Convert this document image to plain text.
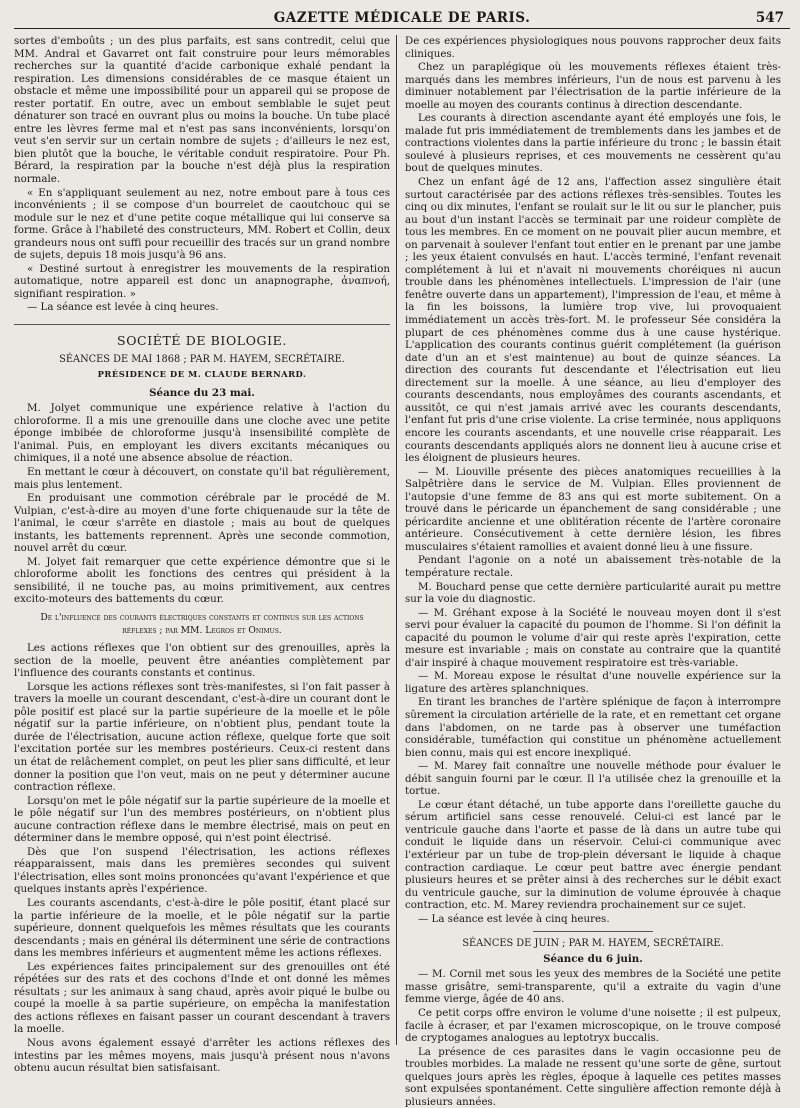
GAZETTE MÉDICALE DE PARIS.	547

sortes d'emboûts ; un des plus parfaits, est sans contredit, celui que MM. Andral et Gavarret ont fait construire pour leurs mémorables recherches sur la quantité d'acide carbonique exhalé pendant la respiration. Les dimensions considérables de ce masque étaient un obstacle et même une impossibilité pour un appareil qui se propose de rester portatif. En outre, avec un embout semblable le sujet peut dénaturer son tracé en ouvrant plus ou moins la bouche. Un tube placé entre les lèvres ferme mal et n'est pas sans inconvénients, lorsqu'on veut s'en servir sur un certain nombre de sujets ; d'ailleurs le nez est, bien plutôt que la bouche, le véritable conduit respiratoire. Pour Ph. Bérard, la respiration par la bouche n'est déjà plus la respiration normale.

« En s'appliquant seulement au nez, notre embout pare à tous ces inconvénients ; il se compose d'un bourrelet de caoutchouc qui se module sur le nez et d'une petite coque métallique qui lui conserve sa forme. Grâce à l'habileté des constructeurs, MM. Robert et Collin, deux grandeurs nous ont suffi pour recueillir des tracés sur un grand nombre de sujets, depuis 18 mois jusqu'à 96 ans.

« Destiné surtout à enregistrer les mouvements de la respiration automatique, notre appareil est donc un anapnographe, ἀναπνοή, signifiant respiration. »

— La séance est levée à cinq heures.

SOCIÉTÉ DE BIOLOGIE.

SÉANCES DE MAI 1868 ; PAR M. HAYEM, SECRÉTAIRE.

PRÉSIDENCE DE M. CLAUDE BERNARD.

Séance du 23 mai.

M. Jolyet communique une expérience relative à l'action du chloroforme. Il a mis une grenouille dans une cloche avec une petite éponge imbibée de chloroforme jusqu'à insensibilité complète de l'animal. Puis, en employant les divers excitants mécaniques ou chimiques, il a noté une absence absolue de réaction.

En mettant le cœur à découvert, on constate qu'il bat régulièrement, mais plus lentement.

En produisant une commotion cérébrale par le procédé de M. Vulpian, c'est-à-dire au moyen d'une forte chiquenaude sur la tête de l'animal, le cœur s'arrête en diastole ; mais au bout de quelques instants, les battements reprennent. Après une seconde commotion, nouvel arrêt du cœur.

M. Jolyet fait remarquer que cette expérience démontre que si le chloroforme abolit les fonctions des centres qui président à la sensibilité, il ne touche pas, au moins primitivement, aux centres excito-moteurs des battements du cœur.

De l'influence des courants électriques constants et continus sur les actions réflexes ; par MM. Legros et Onimus.

Les actions réflexes que l'on obtient sur des grenouilles, après la section de la moelle, peuvent être anéanties complètement par l'influence des courants constants et continus.

Lorsque les actions réflexes sont très-manifestes, si l'on fait passer à travers la moelle un courant descendant, c'est-à-dire un courant dont le pôle positif est placé sur la partie supérieure de la moelle et le pôle négatif sur la partie inférieure, on n'obtient plus, pendant toute la durée de l'électrisation, aucune action réflexe, quelque forte que soit l'excitation portée sur les membres postérieurs. Ceux-ci restent dans un état de relâchement complet, on peut les plier sans difficulté, et leur donner la position que l'on veut, mais on ne peut y déterminer aucune contraction réflexe.

Lorsqu'on met le pôle négatif sur la partie supérieure de la moelle et le pôle négatif sur l'un des membres postérieurs, on n'obtient plus aucune contraction réflexe dans le membre électrisé, mais on peut en déterminer dans le membre opposé, qui n'est point électrisé.

Dès que l'on suspend l'électrisation, les actions réflexes réapparaissent, mais dans les premières secondes qui suivent l'électrisation, elles sont moins prononcées qu'avant l'expérience et que quelques instants après l'expérience.

Les courants ascendants, c'est-à-dire le pôle positif, étant placé sur la partie inférieure de la moelle, et le pôle négatif sur la partie supérieure, donnent quelquefois les mêmes résultats que les courants descendants ; mais en général ils déterminent une série de contractions dans les membres inférieurs et augmentent même les actions réflexes.

Les expériences faites principalement sur des grenouilles ont été répétées sur des rats et des cochons d'Inde et ont donné les mêmes résultats ; sur les animaux à sang chaud, après avoir piqué le bulbe ou coupé la moelle à sa partie supérieure, on empêcha la manifestation des actions réflexes en faisant passer un courant descendant à travers la moelle.

Nous avons également essayé d'arrêter les actions réflexes des intestins par les mêmes moyens, mais jusqu'à présent nous n'avons obtenu aucun résultat bien satisfaisant.

De ces expériences physiologiques nous pouvons rapprocher deux faits cliniques.

Chez un paraplégique où les mouvements réflexes étaient très-marqués dans les membres inférieurs, l'un de nous est parvenu à les diminuer notablement par l'électrisation de la partie inférieure de la moelle au moyen des courants continus à direction descendante.

Les courants à direction ascendante ayant été employés une fois, le malade fut pris immédiatement de tremblements dans les jambes et de contractions violentes dans la partie inférieure du tronc ; le bassin était soulevé à plusieurs reprises, et ces mouvements ne cessèrent qu'au bout de quelques minutes.

Chez un enfant âgé de 12 ans, l'affection assez singulière était surtout caractérisée par des actions réflexes très-sensibles. Toutes les cinq ou dix minutes, l'enfant se roulait sur le lit ou sur le plancher, puis au bout d'un instant l'accès se terminait par une roideur complète de tous les membres. En ce moment on ne pouvait plier aucun membre, et on parvenait à soulever l'enfant tout entier en le prenant par une jambe ; les yeux étaient convulsés en haut. L'accès terminé, l'enfant revenait complétement à lui et n'avait ni mouvements choréiques ni aucun trouble dans les phénomènes intellectuels. L'impression de l'air (une fenêtre ouverte dans un appartement), l'impression de l'eau, et même à la fin les boissons, la lumière trop vive, lui provoquaient immédiatement un accès très-fort. M. le professeur Sée considéra la plupart de ces phénomènes comme dus à une cause hystérique. L'application des courants continus guérit complétement (la guérison date d'un an et s'est maintenue) au bout de quinze séances. La direction des courants fut descendante et l'électrisation eut lieu directement sur la moelle. À une séance, au lieu d'employer des courants descendants, nous employâmes des courants ascendants, et aussitôt, ce qui n'est jamais arrivé avec les courants descendants, l'enfant fut pris d'une crise violente. La crise terminée, nous appliquons encore les courants ascendants, et une nouvelle crise réapparait. Les courants descendants appliqués alors ne donnent lieu à aucune crise et les éloignent de plusieurs heures.

— M. Liouville présente des pièces anatomiques recueillies à la Salpêtrière dans le service de M. Vulpian. Elles proviennent de l'autopsie d'une femme de 83 ans qui est morte subitement. On a trouvé dans le péricarde un épanchement de sang considérable ; une péricardite ancienne et une oblitération récente de l'artère coronaire antérieure. Consécutivement à cette dernière lésion, les fibres musculaires s'étaient ramollies et avaient donné lieu à une fissure.

Pendant l'agonie on a noté un abaissement très-notable de la température rectale.

M. Bouchard pense que cette dernière particularité aurait pu mettre sur la voie du diagnostic.

— M. Gréhant expose à la Société le nouveau moyen dont il s'est servi pour évaluer la capacité du poumon de l'homme. Si l'on définit la capacité du poumon le volume d'air qui reste après l'expiration, cette mesure est invariable ; mais on constate au contraire que la quantité d'air inspiré à chaque mouvement respiratoire est très-variable.

— M. Moreau expose le résultat d'une nouvelle expérience sur la ligature des artères splanchniques.

En tirant les branches de l'artère splénique de façon à interrompre sûrement la circulation artérielle de la rate, et en remettant cet organe dans l'abdomen, on ne tarde pas à observer une tuméfaction considérable, tuméfaction qui constitue un phénomène actuellement bien connu, mais qui est encore inexpliqué.

— M. Marey fait connaître une nouvelle méthode pour évaluer le débit sanguin fourni par le cœur. Il l'a utilisée chez la grenouille et la tortue.

Le cœur étant détaché, un tube apporte dans l'oreillette gauche du sérum artificiel sans cesse renouvelé. Celui-ci est lancé par le ventricule gauche dans l'aorte et passe de là dans un autre tube qui conduit le liquide dans un réservoir. Celui-ci communique avec l'extérieur par un tube de trop-plein déversant le liquide à chaque contraction cardiaque. Le cœur peut battre avec énergie pendant plusieurs heures et se prêter ainsi à des recherches sur le débit exact du ventricule gauche, sur la diminution de volume éprouvée à chaque contraction, etc. M. Marey reviendra prochainement sur ce sujet.

— La séance est levée à cinq heures.

SÉANCES DE JUIN ; PAR M. HAYEM, SECRÉTAIRE.

Séance du 6 juin.

— M. Cornil met sous les yeux des membres de la Société une petite masse grisâtre, semi-transparente, qu'il a extraite du vagin d'une femme vierge, âgée de 40 ans.

Ce petit corps offre environ le volume d'une noisette ; il est pulpeux, facile à écraser, et par l'examen microscopique, on le trouve composé de cryptogames analogues au leptotryx buccalis.

La présence de ces parasites dans le vagin occasionne peu de troubles morbides. La malade ne ressent qu'une sorte de gêne, surtout quelques jours après les règles, époque à laquelle ces petites masses sont expulsées spontanément. Cette singulière affection remonte déjà à plusieurs années.
